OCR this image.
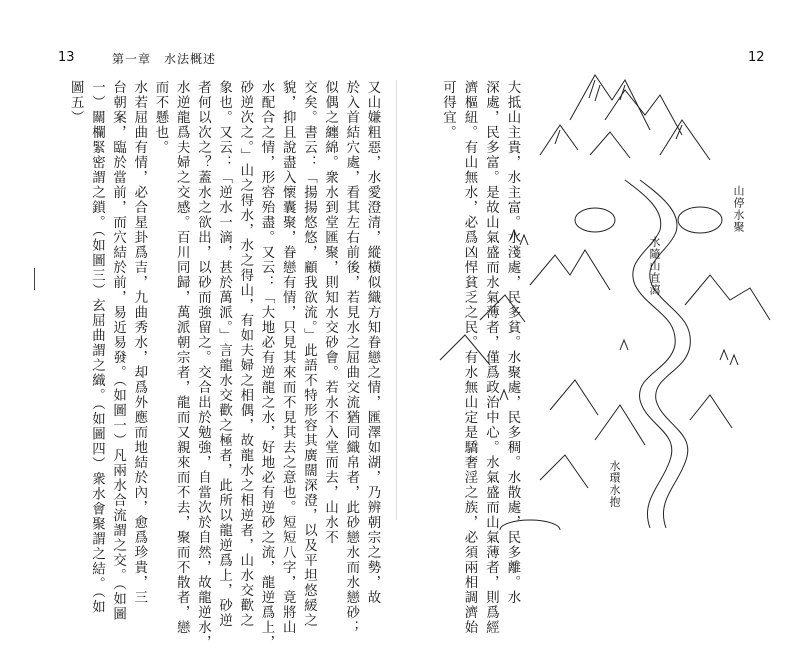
13	第一章　水法概述
又山嫌粗惡，水愛澄清，縱橫似織方知眷戀之情，匯澤如湖，乃辨朝宗之勢，故
於入首結穴處，看其左右前後，若見水之屈曲交流猶同織帛者，此砂戀水而水戀砂；
似偶之纏綿。衆水到堂匯聚，則知水交砂會。若水不入堂而去，山水不
交矣。書云：「揚揚悠悠，顧我欲流。」此語不特形容其廣闊深澄，以及平坦悠緩之
貌，抑且說盡入懷囊聚，眷戀有情，只見其來而不見其去之意也。短短八字，竟將山
水配合之情，形容殆盡。又云：「大地必有逆龍之水，好地必有逆砂之流，龍逆爲上，
砂逆次之。」山之得水，水之得山，有如夫婦之相偶，故龍水之相逆者，山水交歡之
象也。又云：「逆水一滴，甚於萬派。」言龍水交歡之極者，此所以龍逆爲上，砂逆
者何以次之？蓋水之欲出，以砂而強留之。交合出於勉強，自當次於自然，故龍逆水，
水逆龍爲夫婦之交感。百川同歸，萬派朝宗者，龍而又親來而不去，聚而不散者，戀
而不懸也。
水若屈曲有情，必合星卦爲吉，九曲秀水，却爲外應而地結於內，愈爲珍貴，三
台朝案，臨於當前，而穴結於前，易近易發。（如圖一）凡兩水合流謂之交。（如圖
一）關欄緊密謂之鎖。（如圖三）玄屈曲謂之織。（如圖四）衆水會聚謂之結。（如
圖五）
12
大抵山主貴，水主富。水淺處，民多貧。水聚處，民多稠。水散處，民多離。水
深處，民多富。是故山氣盛而水氣薄者，僅爲政治中心。水氣盛而山氣薄者，則爲經
濟樞紐。有山無水，必爲凶悍貧乏之民。有水無山定是驕奢淫之族，必須兩相調濟始
可得宜。
山停水聚
水隨山直瀉
水環水抱
